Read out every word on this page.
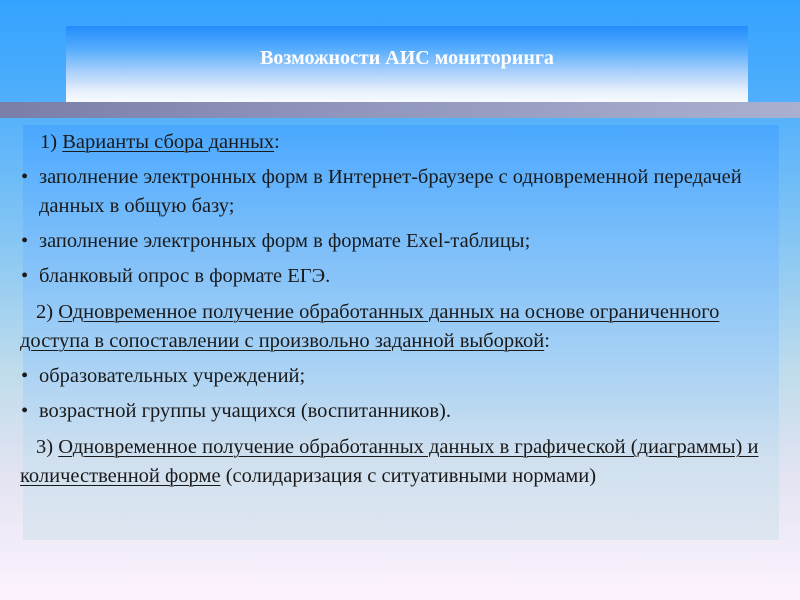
Возможности АИС мониторинга

1) Варианты сбора данных:

• заполнение электронных форм в Интернет-браузере с одновременной передачей данных в общую базу;
• заполнение электронных форм в формате Exel-таблицы;
• бланковый опрос в формате ЕГЭ.

2) Одновременное получение обработанных данных на основе ограниченного доступа в сопоставлении с произвольно заданной выборкой:

• образовательных учреждений;
• возрастной группы учащихся (воспитанников).

3) Одновременное получение обработанных данных в графической (диаграммы) и количественной форме (солидаризация с ситуативными нормами)
